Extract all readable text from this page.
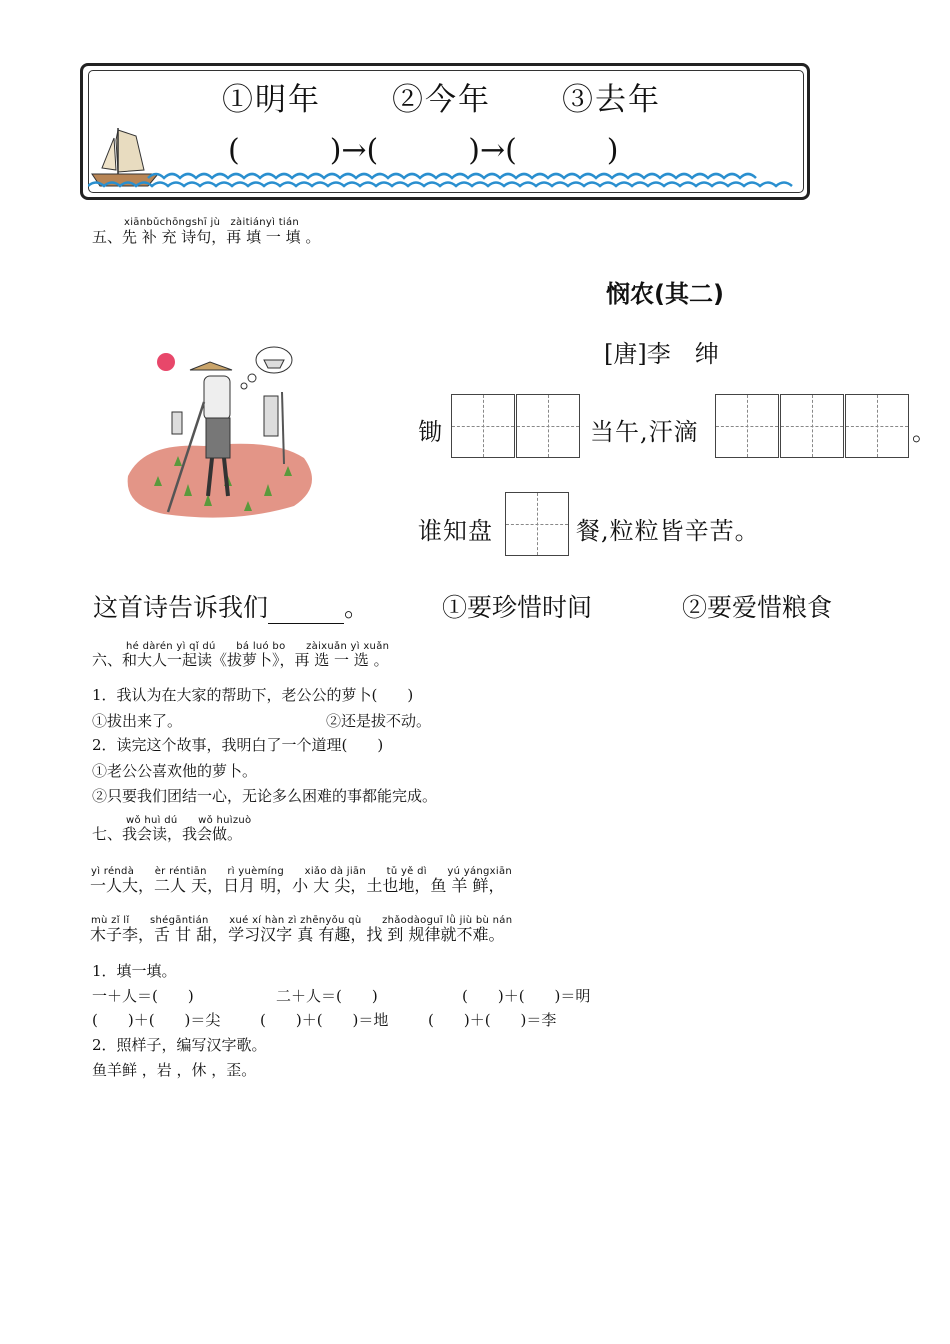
①明年 ②今年 ③去年
(　　　)→(　　　)→(　　　)
xiānbǔchōngshī jù　zàitiányì tián
五、先 补 充 诗句，再 填 一 填 。
悯农(其二)
[唐]李　绅
锄	当午,汗滴	。
谁知盘	餐,粒粒皆辛苦。
这首诗告诉我们	。	①要珍惜时间	②要爱惜粮食
hé dàrén yì qǐ dú　　bá luó bo　　zàixuǎn yì xuǎn
六、和大人一起读《拔萝卜》，再 选 一 选 。
1．我认为在大家的帮助下，老公公的萝卜(　　)
①拔出来了。	②还是拔不动。
2．读完这个故事，我明白了一个道理(　　)
①老公公喜欢他的萝卜。
②只要我们团结一心，无论多么困难的事都能完成。
wǒ huì dú　　wǒ huìzuò
七、我会读，我会做。
yì réndà　　èr réntiān　　rì yuèmíng　　xiǎo dà jiān　　tǔ yě dì　　yú yángxiān
一人大，二人 天，日月 明，小 大 尖，土也地，鱼 羊 鲜，
mù zǐ lǐ　　shégāntián　　xué xí hàn zì zhēnyǒu qù　　zhǎodàoguī lǜ jiù bù nán
木子李，舌 甘 甜，学习汉字 真 有趣，找 到 规律就不难。
1．填一填。
一＋人＝(　　)	二＋人＝(　　)	(　　)＋(　　)＝明
(　　)＋(　　)＝尖	(　　)＋(　　)＝地	(　　)＋(　　)＝李
2．照样子，编写汉字歌。
鱼羊鲜 ，岩 ，休 ，歪。
